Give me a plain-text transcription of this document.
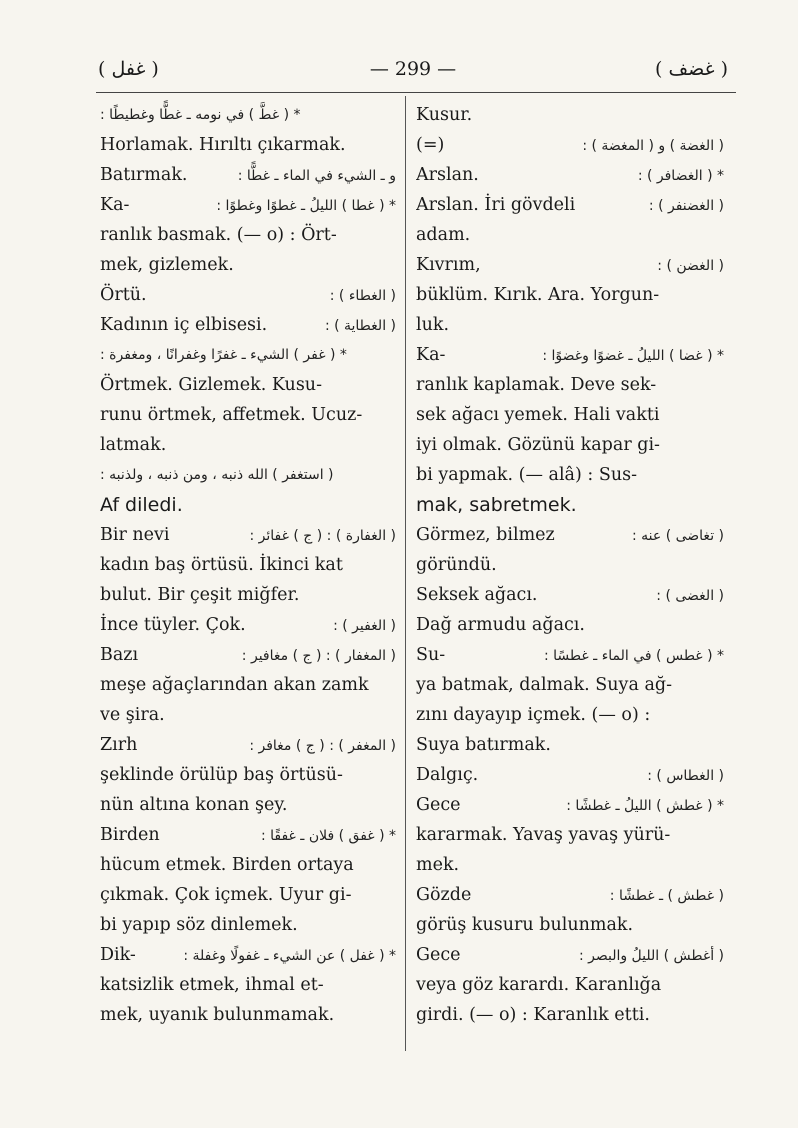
( غفل )	— 299 —	( غضف )
* ( غطَّ ) في نومه ـ غطًّا وغطيطًا :
Horlamak. Hırıltı çıkarmak.
Batırmak.	و ـ الشيء في الماء ـ غطًّا :
Ka-	* ( غطا ) الليلُ ـ غطوًا وغطوًا :
ranlık basmak. (— o) : Ört-
mek, gizlemek.
Örtü.	( الغطاء ) :
Kadının iç elbisesi.	( الغطاية ) :
* ( غفر ) الشيء ـ غفرًا وغفرانًا ، ومغفرة :
Örtmek. Gizlemek. Kusu-
runu örtmek, affetmek. Ucuz-
latmak.
( استغفر ) الله ذنبه ، ومن ذنبه ، ولذنبه :
Af diledi.
Bir nevi	( الغفارة ) : ( ج ) غفائر :
kadın baş örtüsü. İkinci kat
bulut. Bir çeşit miğfer.
İnce tüyler. Çok.	( الغفير ) :
Bazı	( المغفار ) : ( ج ) مغافير :
meşe ağaçlarından akan zamk
ve şira.
Zırh	( المغفر ) : ( ج ) مغافر :
şeklinde örülüp baş örtüsü-
nün altına konan şey.
Birden	* ( غفق ) فلان ـ غفقًا :
hücum etmek. Birden ortaya
çıkmak. Çok içmek. Uyur gi-
bi yapıp söz dinlemek.
Dik-	* ( غفل ) عن الشيء ـ غفولًا وغفلة :
katsizlik etmek, ihmal et-
mek, uyanık bulunmamak.
Kusur.
(=)	( الغضة ) و ( المغضة ) :
Arslan.	* ( الغضافر ) :
Arslan. İri gövdeli	( الغضنفر ) :
adam.
Kıvrım,	( الغضن ) :
büklüm. Kırık. Ara. Yorgun-
luk.
Ka-	* ( غضا ) الليلُ ـ غضوًا وغضوًا :
ranlık kaplamak. Deve sek-
sek ağacı yemek. Hali vakti
iyi olmak. Gözünü kapar gi-
bi yapmak. (— alâ) : Sus-
mak, sabretmek.
Görmez, bilmez	( تغاضى ) عنه :
göründü.
Seksek ağacı.	( الغضى ) :
Dağ armudu ağacı.
Su-	* ( غطس ) في الماء ـ غطسًا :
ya batmak, dalmak. Suya ağ-
zını dayayıp içmek. (— o) :
Suya batırmak.
Dalgıç.	( الغطاس ) :
Gece	* ( غطش ) الليلُ ـ غطشًا :
kararmak. Yavaş yavaş yürü-
mek.
Gözde	( غطش ) ـ غطشًا :
görüş kusuru bulunmak.
Gece	( أغطش ) الليلُ والبصر :
veya göz karardı. Karanlığa
girdi. (— o) : Karanlık etti.
